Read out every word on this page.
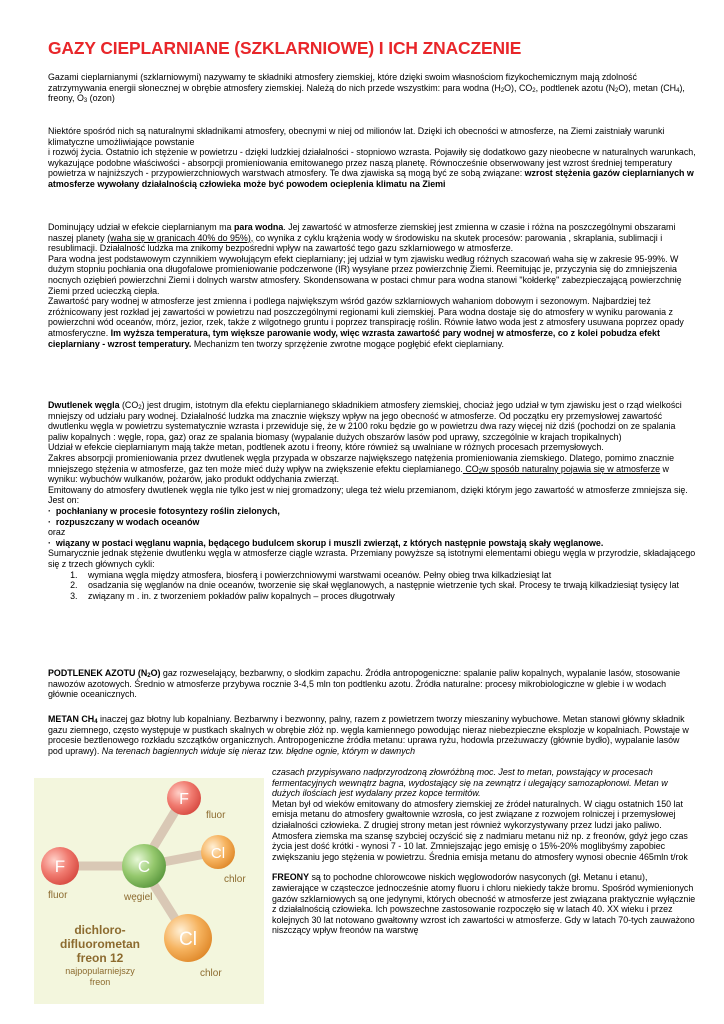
GAZY CIEPLARNIANE (SZKLARNIOWE) I ICH ZNACZENIE

Gazami cieplarnianymi (szklarniowymi) nazywamy te składniki atmosfery ziemskiej, które dzięki swoim własnościom fizykochemicznym mają zdolność zatrzymywania energii słonecznej w obrębie atmosfery ziemskiej. Należą do nich przede wszystkim: para wodna $(H_2O)$, $CO_2$, podtlenek azotu $(N_2O)$, metan $(CH_4)$, freony, $O_3$ (ozon)

Niektóre spośród nich są naturalnymi składnikami atmosfery, obecnymi w niej od milionów lat. Dzięki ich obecności w atmosferze, na Ziemi zaistniały warunki klimatyczne umożliwiające powstanie

i rozwój życia. Ostatnio ich stężenie w powietrzu - dzięki ludzkiej działalności - stopniowo wzrasta. Pojawiły się dodatkowo gazy nieobecne w naturalnych warunkach, wykazujące podobne właściwości - absorpcji promieniowania emitowanego przez naszą planetę. Równocześnie obserwowany jest wzrost średniej temperatury powietrza w najniższych - przypowierzchniowych warstwach atmosfery. Te dwa zjawiska są mogą być ze sobą związane: wzrost stężenia gazów cieplarnianych w atmosferze wywołany działalnością człowieka może być powodem ocieplenia klimatu na Ziemi

Dominujący udział w efekcie cieplarnianym ma para wodna. Jej zawartość w atmosferze ziemskiej jest zmienna w czasie i różna na poszczególnymi obszarami naszej planety (waha się w granicach 40% do 95%), co wynika z cyklu krążenia wody w środowisku na skutek procesów: parowania , skraplania, sublimacji i resublimacji. Działalność ludzka ma znikomy bezpośredni wpływ na zawartość tego gazu szklarniowego w atmosferze.

Para wodna jest podstawowym czynnikiem wywołującym efekt cieplarniany; jej udział w tym zjawisku według różnych szacowań waha się w zakresie 95-99%. W dużym stopniu pochłania ona długofalowe promieniowanie podczerwone (IR) wysyłane przez powierzchnię Ziemi. Reemitując je, przyczynia się do zmniejszenia nocnych oziębień powierzchni Ziemi i dolnych warstw atmosfery. Skondensowana w postaci chmur para wodna stanowi "kołderkę" zabezpieczającą powierzchnię Ziemi przed ucieczką ciepła.

Zawartość pary wodnej w atmosferze jest zmienna i podlega największym wśród gazów szklarniowych wahaniom dobowym i sezonowym. Najbardziej też zróżnicowany jest rozkład jej zawartości w powietrzu nad poszczególnymi regionami kuli ziemskiej. Para wodna dostaje się do atmosfery w wyniku parowania z powierzchni wód oceanów, mórz, jezior, rzek, także z wilgotnego gruntu i poprzez transpirację roślin. Równie łatwo woda jest z atmosfery usuwana poprzez opady atmosferyczne. Im wyższa temperatura, tym większe parowanie wody, więc wzrasta zawartość pary wodnej w atmosferze, co z kolei pobudza efekt cieplarniany - wzrost temperatury. Mechanizm ten tworzy sprzężenie zwrotne mogące pogłębić efekt cieplarniany.

Dwutlenek węgla $(CO_2)$ jest drugim, istotnym dla efektu cieplarnianego składnikiem atmosfery ziemskiej, chociaż jego udział w tym zjawisku jest o rząd wielkości mniejszy od udziału pary wodnej. Działalność ludzka ma znacznie większy wpływ na jego obecność w atmosferze. Od początku ery przemysłowej zawartość dwutlenku węgla w powietrzu systematycznie wzrasta i przewiduje się, że w 2100 roku będzie go w powietrzu dwa razy więcej niż dziś (pochodzi on ze spalania paliw kopalnych : węgle, ropa, gaz) oraz ze spalania biomasy (wypalanie dużych obszarów lasów pod uprawy, szczególnie w krajach tropikalnych)

Udział w efekcie cieplarnianym mają także metan, podtlenek azotu i freony, które również są uwalniane w różnych procesach przemysłowych.

Zakres absorpcji promieniowania przez dwutlenek węgla przypada w obszarze największego natężenia promieniowania ziemskiego. Dlatego, pomimo znacznie mniejszego stężenia w atmosferze, gaz ten może mieć duży wpływ na zwiększenie efektu cieplarnianego. $CO_2w$ sposób naturalny pojawia się w atmosferze w wyniku: wybuchów wulkanów, pożarów, jako produkt oddychania zwierząt.

Emitowany do atmosfery dwutlenek węgla nie tylko jest w niej gromadzony; ulega też wielu przemianom, dzięki którym jego zawartość w atmosferze zmniejsza się. Jest on:

·  pochłaniany w procesie fotosyntezy roślin zielonych,
·  rozpuszczany w wodach oceanów

oraz

·  wiązany w postaci węglanu wapnia, będącego budulcem skorup i muszli zwierząt, z których następnie powstają skały węglanowe.

Sumarycznie jednak stężenie dwutlenku węgla w atmosferze ciągle wzrasta. Przemiany powyższe są istotnymi elementami obiegu węgla w przyrodzie, składającego się z trzech głównych cykli:

1. wymiana węgla między atmosfera, biosferą i powierzchniowymi warstwami oceanów. Pełny obieg trwa kilkadziesiąt lat
2. osadzania się węglanów na dnie oceanów, tworzenie się skał węglanowych, a następnie wietrzenie tych skał. Procesy te trwają kilkadziesiąt tysięcy lat
3. związany m . in. z tworzeniem pokładów paliw kopalnych – proces długotrwały

PODTLENEK AZOTU $(N_2O)$ gaz rozweselający, bezbarwny, o słodkim zapachu. Źródła antropogeniczne: spalanie paliw kopalnych, wypalanie lasów, stosowanie nawozów azotowych. Średnio w atmosferze przybywa rocznie 3-4,5 mln ton podtlenku azotu. Źródła naturalne: procesy mikrobiologiczne w glebie i w wodach głównie oceanicznych.

METAN $CH_4$ inaczej gaz błotny lub kopalniany. Bezbarwny i bezwonny, palny, razem z powietrzem tworzy mieszaniny wybuchowe. Metan stanowi główny składnik gazu ziemnego, często występuje w pustkach skalnych w obrębie złóż np. węgla kamiennego powodując nieraz niebezpieczne eksplozje w kopalniach. Powstaje w procesie beztlenowego rozkładu szczątków organicznych. Antropogeniczne źródła metanu: uprawa ryżu, hodowla przeżuwaczy (głównie bydło), wypalanie lasów pod uprawy). Na terenach bagiennych widuje się nieraz tzw. błędne ognie, którym w dawnych

czasach przypisywano nadprzyrodzoną złowróżbną moc. Jest to metan, powstający w procesach fermentacyjnych wewnątrz bagna, wydostający się na zewnątrz i ulegający samozapłonowi. Metan w dużych ilościach jest wydalany przez kopce termitów.

Metan był od wieków emitowany do atmosfery ziemskiej ze źródeł naturalnych. W ciągu ostatnich 150 lat emisja metanu do atmosfery gwałtownie wzrosła, co jest związane z rozwojem rolniczej i przemysłowej działalności człowieka. Z drugiej strony metan jest również wykorzystywany przez ludzi jako paliwo.

Atmosfera ziemska ma szansę szybciej oczyścić się z nadmiaru metanu niż np. z freonów, gdyż jego czas życia jest dość krótki - wynosi 7 - 10 lat. Zmniejszając jego emisję o 15%-20% moglibyśmy zapobiec zwiększaniu jego stężenia w powietrzu. Średnia emisja metanu do atmosfery wynosi obecnie 465mln t/rok

FREONY są to pochodne chlorowcowe niskich węglowodorów nasyconych (gł. Metanu i etanu), zawierające w cząsteczce jednocześnie atomy fluoru i chloru niekiedy także bromu. Spośród wymienionych gazów szklarniowych są one jedynymi, których obecność w atmosferze jest związana praktycznie wyłącznie z działalnością człowieka. Ich powszechne zastosowanie rozpoczęło się w latach 40. XX wieku i przez kolejnych 30 lat notowano gwałtowny wzrost ich zawartości w atmosferze. Gdy w latach 70-tych zauważono niszczący wpływ freonów na warstwę

F
F	C
Cl
Cl
fluor
fluor	węgiel
chlor
chlor
dichloro-
difluorometan
freon 12
najpopularniejszy
freon
